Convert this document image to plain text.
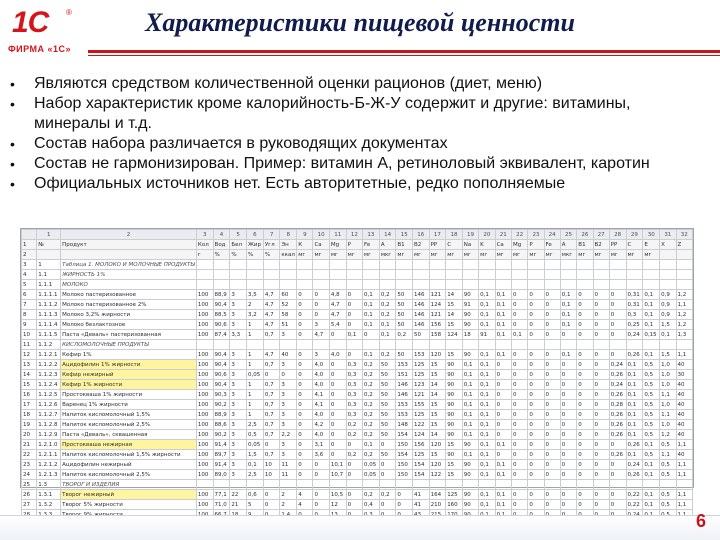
1С ®
ФИРМА «1С»
Характеристики пищевой ценности
• Являются средством количественной оценки рационов (диет, меню)
• Набор характеристик кроме калорийность-Б-Ж-У содержит и другие: витамины, минералы и т.д.
• Состав набора различается в руководящих документах
• Состав не гармонизирован. Пример: витамин А, ретиноловый эквивалент, каротин
• Официальных источников нет. Есть авторитетные, редко пополняемые
	1	2	3	4	5	6	7	8	9	10	11	12	13	14	15	16	17	18	19	20	21	22	23	24	25	26	27	28	29	30	31	32
1	№	Продукт	Кол	Вод	Бел	Жир	Угл	Эн	К	Са	Мg	Р	Fe	А	В1	В2	РР	С	Na	K	Ca	Mg	P	Fe	A	B1	B2	PP	C	Е	Х	Ζ
2			г	%	%	%	%	ккал	мг	мг	мг	мг	мг	мкг	мг	мг	мг	мг	мг	мг	мг	мг	мг	мг	мкг	мг	мг	мг	мг	мг		
3	1	Таблица 1. МОЛОКО И МОЛОЧНЫЕ ПРОДУКТЫ																														
4	1.1	ЖИРНОСТЬ 1%																														
5	1.1.1	МОЛОКО																														
6	1.1.1.1	Молоко пастеризованное	100	88,9	3	3,5	4,7	60	0	0	4,8	0	0,1	0,2	50	146	121	14	90	0,1	0,1	0	0	0	0,1	0	0	0	0,31	0,1	0,9	1,2
7	1.1.1.2	Молоко пастеризованное 2%	100	90,4	3	2	4,7	52	0	0	4,7	0	0,1	0,2	50	146	124	15	91	0,1	0,1	0	0	0	0,1	0	0	0	0,31	0,1	0,9	1,1
8	1.1.1.3	Молоко 3,2% жирности	100	88,5	3	3,2	4,7	58	0	0	4,7	0	0,1	0,2	50	146	121	14	90	0,1	0,1	0	0	0	0,1	0	0	0	0,3	0,1	0,9	1,2
9	1.1.1.4	Молоко безлактозное	100	90,6	3	1	4,7	51	0	3	5,4	0	0,1	0,1	50	146	156	15	90	0,1	0,1	0	0	0	0,1	0	0	0	0,25	0,1	1,5	1,2
10	1.1.1.5	Паста «Деваль» пастеризованная	100	87,4	3,3	1	0,7	3	0	4,7	0	0,1	0	0,1	0,2	50	158	124	18	91	0,1	0,1	0	0	0	0	0	0	0,24	0,15	0,1	1,3
11	1.1.2	КИСЛОМОЛОЧНЫЕ ПРОДУКТЫ																														
12	1.1.2.1	Кефир 1%	100	90,4	3	1	4,7	40	0	3	4,0	0	0,1	0,2	50	153	120	15	90	0,1	0,1	0	0	0	0,1	0	0	0	0,26	0,1	1,5	1,1
13	1.1.2.2	Ацидофилин 1% жирности	100	90,4	3	1	0,7	3	0	4,0	0	0,3	0,2	50	153	125	15	90	0,1	0,1	0	0	0	0	0	0	0	0,24	0,1	0,5	1,0	40
14	1.1.2.3	Кефир нежирный	100	90,6	3	0,05	0	0	0	4,0	0	0,3	0,2	50	151	125	15	90	0,1	0,1	0	0	0	0	0	0	0	0,26	0,1	0,5	1,0	30
15	1.1.2.4	Кефир 1% жирности	100	90,4	3	1	0,7	3	0	4,0	0	0,3	0,2	50	146	123	14	90	0,1	0,1	0	0	0	0	0	0	0	0,24	0,1	0,5	1,0	40
16	1.1.2.5	Простокваша 1% жирности	100	90,3	3	1	0,7	3	0	4,1	0	0,3	0,2	50	146	121	14	90	0,1	0,1	0	0	0	0	0	0	0	0,26	0,1	0,5	1,1	40
17	1.1.2.6	Варенец 1% жирности	100	90,2	3	1	0,7	3	0	4,1	0	0,3	0,2	50	153	155	15	90	0,1	0,1	0	0	0	0	0	0	0	0,28	0,1	0,5	1,0	40
18	1.1.2.7	Напиток кисломолочный 1,5%	100	88,9	3	1	0,7	3	0	4,0	0	0,3	0,2	50	153	125	15	90	0,1	0,1	0	0	0	0	0	0	0	0,26	0,1	0,5	1,1	40
19	1.1.2.8	Напиток кисломолочный 2,5%	100	88,6	3	2,5	0,7	3	0	4,2	0	0,2	0,2	50	148	122	15	90	0,1	0,1	0	0	0	0	0	0	0	0,26	0,1	0,5	1,0	40
20	1.1.2.9	Паста «Деваль», сквашенная	100	90,2	3	0,5	0,7	2,2	0	4,0	0	0,2	0,2	50	154	124	14	90	0,1	0,1	0	0	0	0	0	0	0	0,26	0,1	0,5	1,2	40
21	1.2.1.0	Простокваша нежирная	100	91,4	3	0,05	0	3	0	3,1	0	0	0,1	0	150	156	120	15	90	0,1	0,1	0	0	0	0	0	0	0	0,26	0,1	0,5	1,1
22	1.2.1.1	Напиток кисломолочный 1,5% жирности	100	89,7	3	1,5	0,7	3	0	3,6	0	0,2	0,2	50	154	125	15	90	0,1	0,1	0	0	0	0	0	0	0	0,26	0,1	0,5	1,1	40
23	1.2.1.2	Ацидофилин нежирный	100	91,4	3	0,1	10	11	0	0	10,1	0	0,05	0	150	154	120	15	90	0,1	0,1	0	0	0	0	0	0	0	0,24	0,1	0,5	1,1
24	1.2.1.3	Напиток кисломолочный 2,5%	100	89,0	3	2,5	10	11	0	0	10,7	0	0,05	0	150	154	122	15	90	0,1	0,1	0	0	0	0	0	0	0	0,26	0,1	0,5	1,1
25	1.3	ТВОРОГ И ИЗДЕЛИЯ																														
26	1.3.1	Творог нежирный	100	77,1	22	0,6	0	2	4	0	10,5	0	0,2	0,2	0	41	164	125	90	0,1	0,1	0	0	0	0	0	0	0	0,22	0,1	0,5	1,1
27	1.3.2	Творог 5% жирности	100	71,0	21	5	0	2	4	0	12	0	0,4	0	0	41	210	160	90	0,1	0,1	0	0	0	0	0	0	0	0,22	0,1	0,5	1,1

6
